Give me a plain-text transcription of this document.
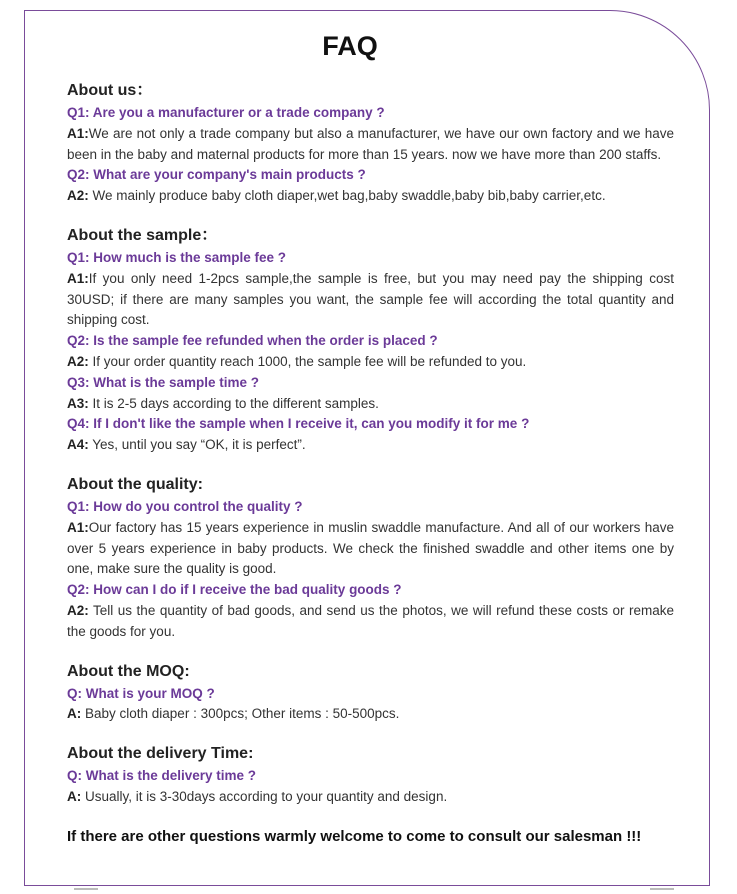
FAQ
About us：
Q1: Are you a manufacturer or a trade company ?
A1:We are not only a trade company but also a manufacturer, we have our own factory and we have been in the baby and maternal products for more than 15 years. now we have more than 200 staffs.
Q2: What are your company's main products ?
A2: We mainly produce baby cloth diaper,wet bag,baby swaddle,baby bib,baby carrier,etc.
About the sample：
Q1: How much is the sample fee ?
A1:If you only need 1-2pcs sample,the sample is free, but you may need pay the shipping cost 30USD; if there are many samples you want, the sample fee will according the total quantity and shipping cost.
Q2: Is the sample fee refunded when the order is placed ?
A2: If your order quantity reach 1000, the sample fee will be refunded to you.
Q3: What is the sample time ?
A3: It is 2-5 days according to the different samples.
Q4: If I don't like the sample when I receive it, can you modify it for me ?
A4: Yes, until you say “OK, it is perfect”.
About the quality:
Q1: How do you control the quality ?
A1:Our factory has 15 years experience in muslin swaddle manufacture. And all of our workers have over 5 years experience in baby products. We check the finished swaddle and other items one by one, make sure the quality is good.
Q2: How can I do if I receive the bad quality goods ?
A2: Tell us the quantity of bad goods, and send us the photos, we will refund these costs or remake the goods for you.
About the MOQ:
Q: What is your MOQ ?
A: Baby cloth diaper : 300pcs; Other items : 50-500pcs.
About the delivery Time:
Q: What is the delivery time ?
A: Usually, it is 3-30days according to your quantity and design.
If there are other questions warmly welcome to come to consult our salesman !!!
